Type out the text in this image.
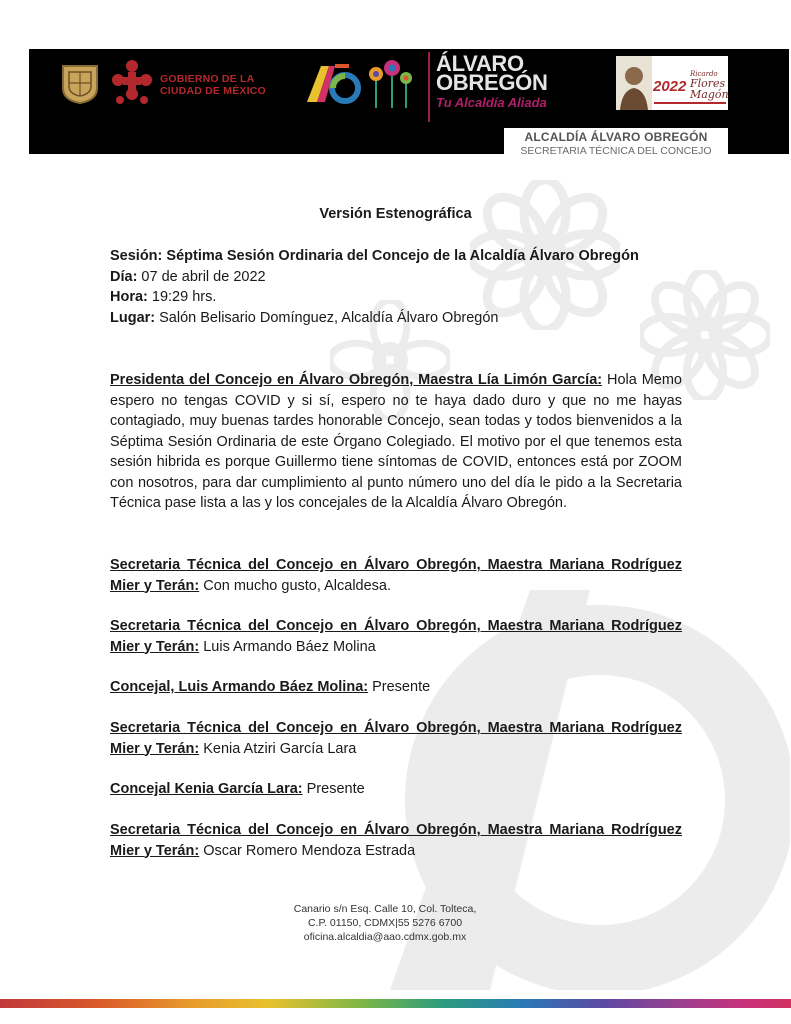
GOBIERNO DE LA
CIUDAD DE MÉXICO
ÁLVARO
OBREGÓN
Tu Alcaldía Aliada
2022
Ricardo
Flores
Magón
ALCALDÍA ÁLVARO OBREGÓN
SECRETARIA TÉCNICA DEL CONCEJO
Versión Estenográfica
Sesión: Séptima Sesión Ordinaria del Concejo de la Alcaldía Álvaro Obregón
Día: 07 de abril de 2022
Hora: 19:29 hrs.
Lugar: Salón Belisario Domínguez, Alcaldía Álvaro Obregón
Presidenta del Concejo en Álvaro Obregón, Maestra Lía Limón García: Hola Memo espero no tengas COVID y si sí, espero no te haya dado duro y que no me hayas contagiado, muy buenas tardes honorable Concejo, sean todas y todos bienvenidos a la Séptima Sesión Ordinaria de este Órgano Colegiado. El motivo por el que tenemos esta sesión hibrida es porque Guillermo tiene síntomas de COVID, entonces está por ZOOM con nosotros, para dar cumplimiento al punto número uno del día le pido a la Secretaria Técnica pase lista a las y los concejales de la Alcaldía Álvaro Obregón.
Secretaria Técnica del Concejo en Álvaro Obregón, Maestra Mariana Rodríguez Mier y Terán: Con mucho gusto, Alcaldesa.
Secretaria Técnica del Concejo en Álvaro Obregón, Maestra Mariana Rodríguez Mier y Terán: Luis Armando Báez Molina
Concejal, Luis Armando Báez Molina: Presente
Secretaria Técnica del Concejo en Álvaro Obregón, Maestra Mariana Rodríguez Mier y Terán: Kenia Atziri García Lara
Concejal Kenia García Lara: Presente
Secretaria Técnica del Concejo en Álvaro Obregón, Maestra Mariana Rodríguez Mier y Terán: Oscar Romero Mendoza Estrada
Canario s/n Esq. Calle 10, Col. Tolteca,
C.P. 01150, CDMX|55 5276 6700
oficina.alcaldia@aao.cdmx.gob.mx
